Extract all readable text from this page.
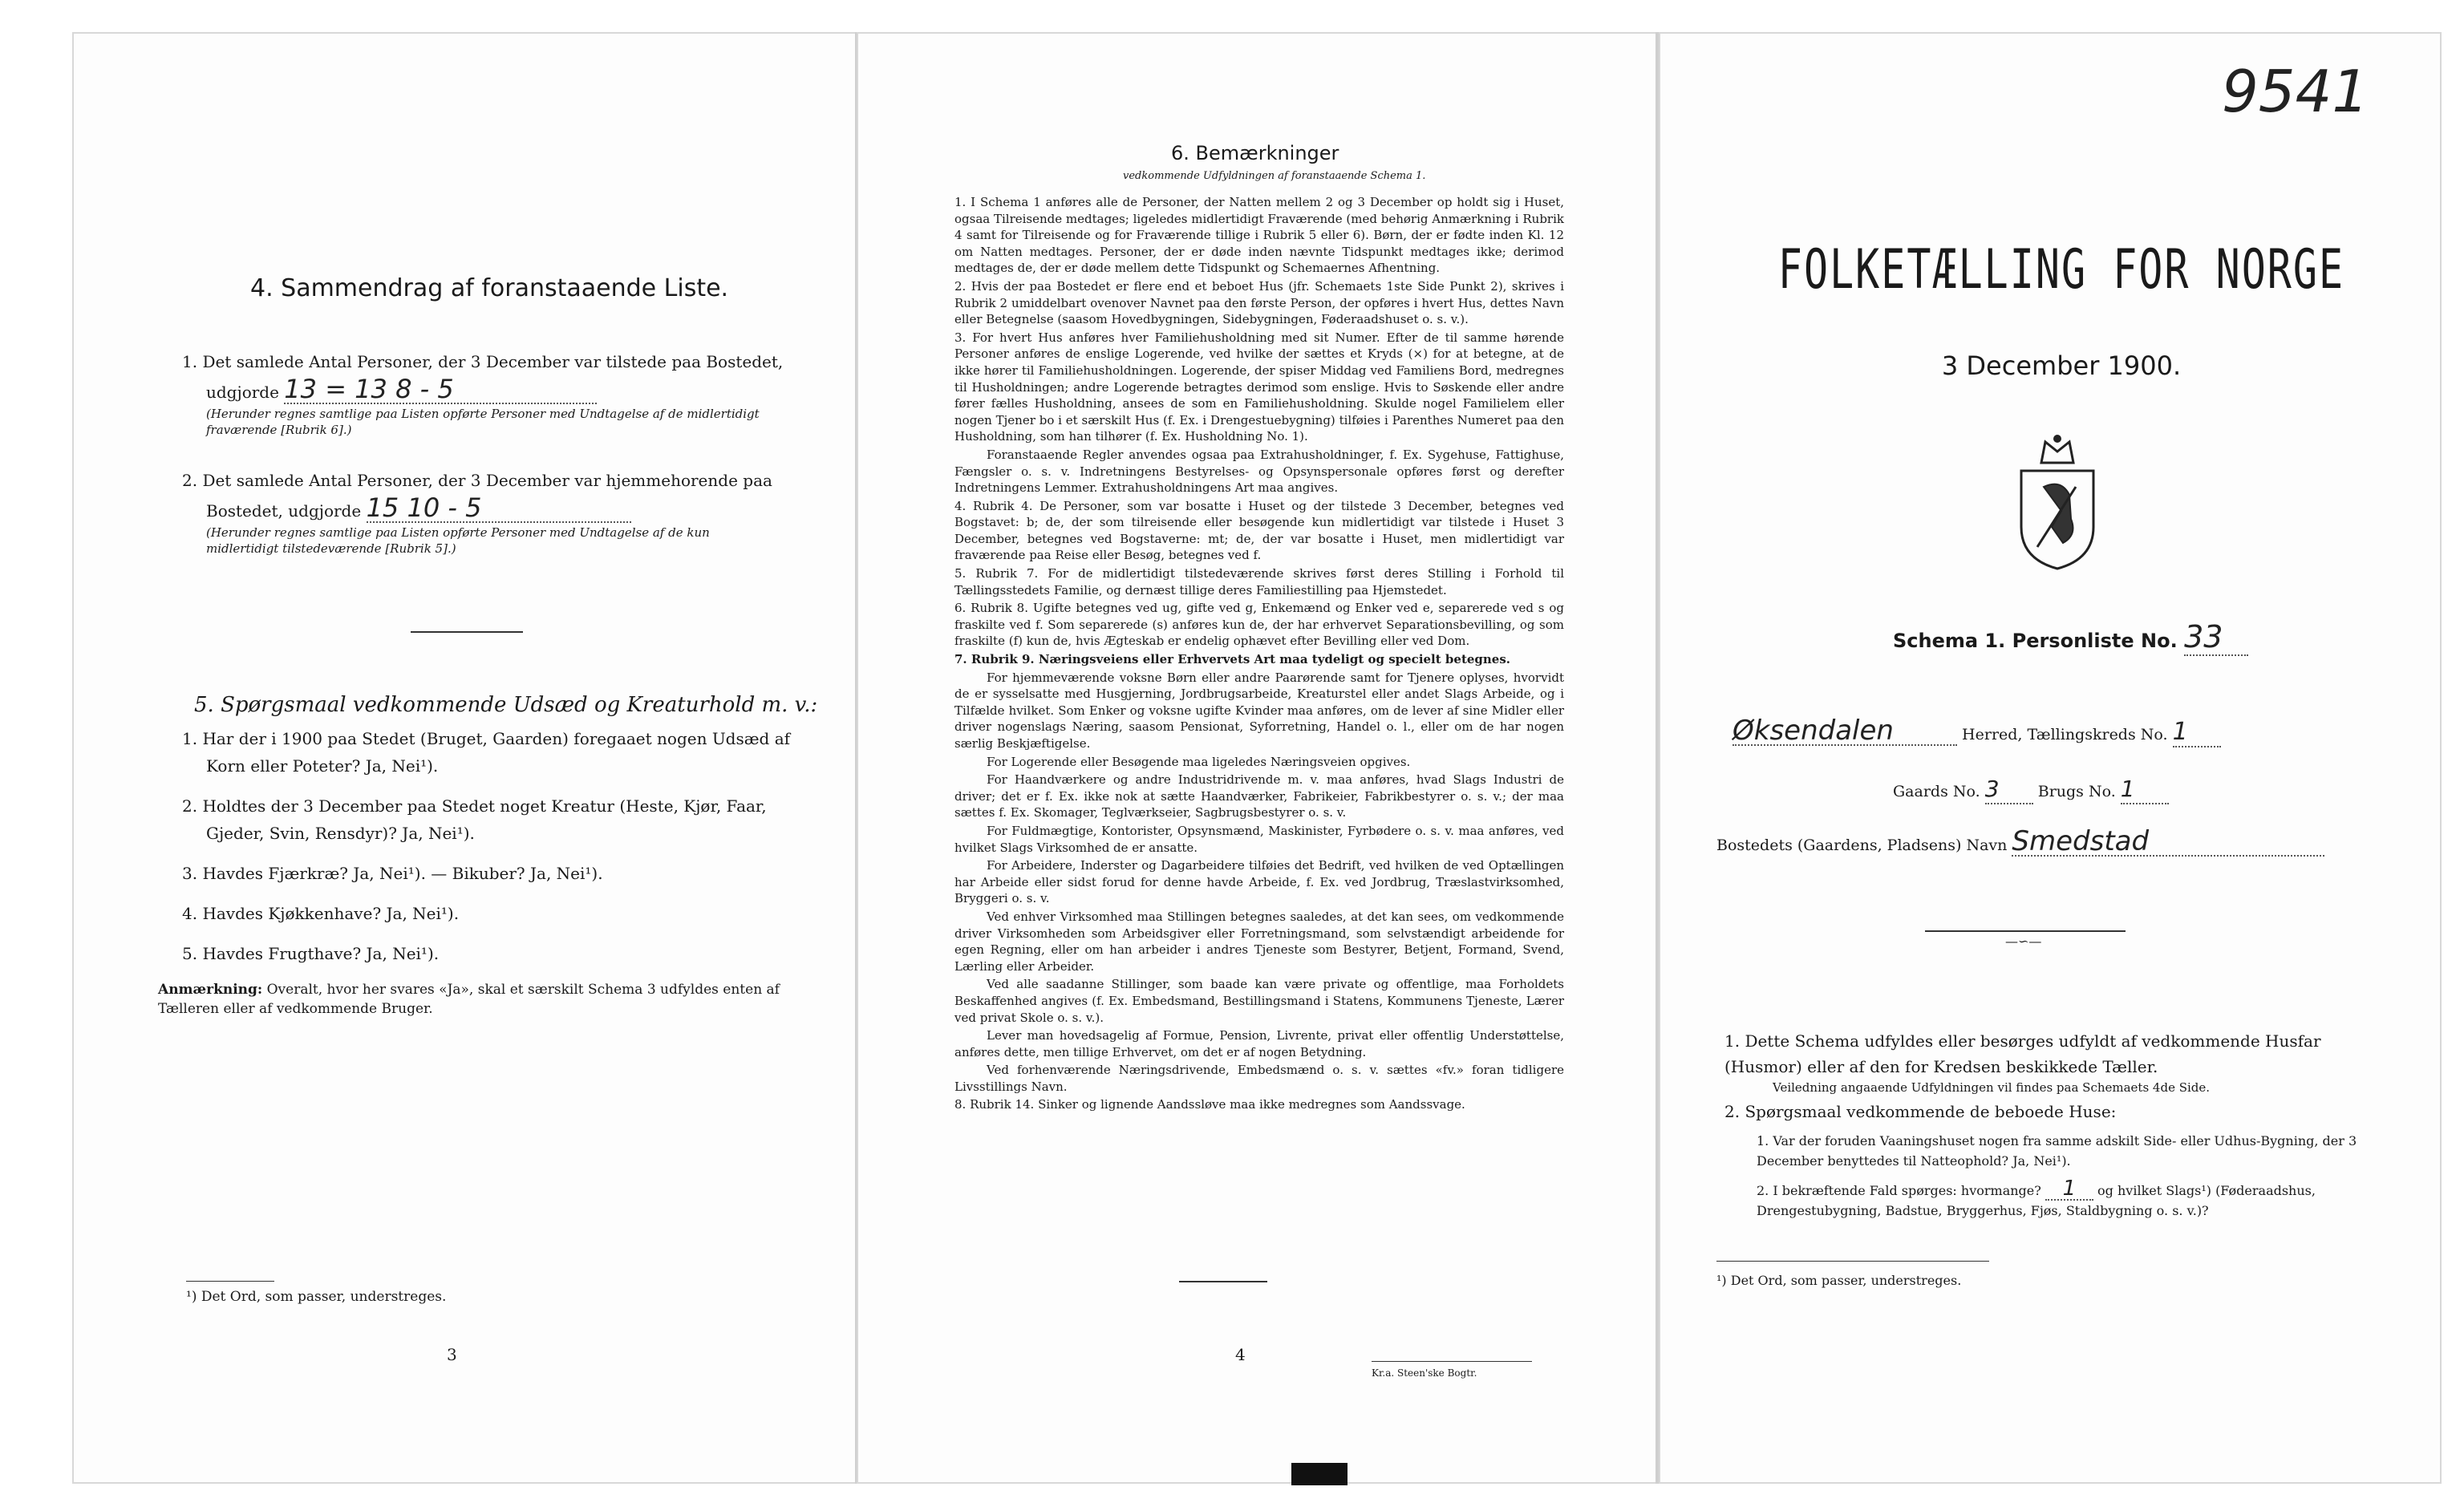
4. Sammendrag af foranstaaende Liste.
1. Det samlede Antal Personer, der 3 December var tilstede paa Bostedet,
udgjorde 13 = 13 8 - 5
(Herunder regnes samtlige paa Listen opførte Personer med Undtagelse af de midlertidigt fraværende [Rubrik 6].)
2. Det samlede Antal Personer, der 3 December var hjemmehorende paa
Bostedet, udgjorde 15 10 - 5
(Herunder regnes samtlige paa Listen opførte Personer med Undtagelse af de kun midlertidigt tilstedeværende [Rubrik 5].)
5. Spørgsmaal vedkommende Udsæd og Kreaturhold m. v.:
1. Har der i 1900 paa Stedet (Bruget, Gaarden) foregaaet nogen Udsæd af
Korn eller Poteter? Ja, Nei¹).
2. Holdtes der 3 December paa Stedet noget Kreatur (Heste, Kjør, Faar,
Gjeder, Svin, Rensdyr)? Ja, Nei¹).
3. Havdes Fjærkræ? Ja, Nei¹). — Bikuber? Ja, Nei¹).
4. Havdes Kjøkkenhave? Ja, Nei¹).
5. Havdes Frugthave? Ja, Nei¹).
Anmærkning: Overalt, hvor her svares «Ja», skal et særskilt Schema 3 udfyldes enten af Tælleren eller af vedkommende Bruger.
¹) Det Ord, som passer, understreges.
3
6. Bemærkninger
vedkommende Udfyldningen af foranstaaende Schema 1.

1. I Schema 1 anføres alle de Personer, der Natten mellem 2 og 3 December op holdt sig i Huset, ogsaa Tilreisende medtages; ligeledes midlertidigt Fraværende (med behørig Anmærkning i Rubrik 4 samt for Tilreisende og for Fraværende tillige i Rubrik 5 eller 6). Børn, der er fødte inden Kl. 12 om Natten medtages. Personer, der er døde inden nævnte Tidspunkt medtages ikke; derimod medtages de, der er døde mellem dette Tidspunkt og Schemaernes Afhentning.

2. Hvis der paa Bostedet er flere end et beboet Hus (jfr. Schemaets 1ste Side Punkt 2), skrives i Rubrik 2 umiddelbart ovenover Navnet paa den første Person, der opføres i hvert Hus, dettes Navn eller Betegnelse (saasom Hovedbygningen, Sidebygningen, Føderaadshuset o. s. v.).

3. For hvert Hus anføres hver Familiehusholdning med sit Numer. Efter de til samme hørende Personer anføres de enslige Logerende, ved hvilke der sættes et Kryds (×) for at betegne, at de ikke hører til Familiehusholdningen. Logerende, der spiser Middag ved Familiens Bord, medregnes til Husholdningen; andre Logerende betragtes derimod som enslige. Hvis to Søskende eller andre fører fælles Husholdning, ansees de som en Familiehusholdning. Skulde nogel Familielem eller nogen Tjener bo i et særskilt Hus (f. Ex. i Drengestuebygning) tilføies i Parenthes Numeret paa den Husholdning, som han tilhører (f. Ex. Husholdning No. 1).

Foranstaaende Regler anvendes ogsaa paa Extrahusholdninger, f. Ex. Sygehuse, Fattighuse, Fængsler o. s. v. Indretningens Bestyrelses- og Opsynspersonale opføres først og derefter Indretningens Lemmer. Extrahusholdningens Art maa angives.

4. Rubrik 4. De Personer, som var bosatte i Huset og der tilstede 3 December, betegnes ved Bogstavet: b; de, der som tilreisende eller besøgende kun midlertidigt var tilstede i Huset 3 December, betegnes ved Bogstaverne: mt; de, der var bosatte i Huset, men midlertidigt var fraværende paa Reise eller Besøg, betegnes ved f.

5. Rubrik 7. For de midlertidigt tilstedeværende skrives først deres Stilling i Forhold til Tællingsstedets Familie, og dernæst tillige deres Familiestilling paa Hjemstedet.

6. Rubrik 8. Ugifte betegnes ved ug, gifte ved g, Enkemænd og Enker ved e, separerede ved s og fraskilte ved f. Som separerede (s) anføres kun de, der har erhvervet Separationsbevilling, og som fraskilte (f) kun de, hvis Ægteskab er endelig ophævet efter Bevilling eller ved Dom.

7. Rubrik 9. Næringsveiens eller Erhvervets Art maa tydeligt og specielt betegnes.

For hjemmeværende voksne Børn eller andre Paarørende samt for Tjenere oplyses, hvorvidt de er sysselsatte med Husgjerning, Jordbrugsarbeide, Kreaturstel eller andet Slags Arbeide, og i Tilfælde hvilket. Som Enker og voksne ugifte Kvinder maa anføres, om de lever af sine Midler eller driver nogenslags Næring, saasom Pensionat, Syforretning, Handel o. l., eller om de har nogen særlig Beskjæftigelse.

For Logerende eller Besøgende maa ligeledes Næringsveien opgives.

For Haandværkere og andre Industridrivende m. v. maa anføres, hvad Slags Industri de driver; det er f. Ex. ikke nok at sætte Haandværker, Fabrikeier, Fabrikbestyrer o. s. v.; der maa sættes f. Ex. Skomager, Teglværkseier, Sagbrugsbestyrer o. s. v.

For Fuldmægtige, Kontorister, Opsynsmænd, Maskinister, Fyrbødere o. s. v. maa anføres, ved hvilket Slags Virksomhed de er ansatte.

For Arbeidere, Inderster og Dagarbeidere tilføies det Bedrift, ved hvilken de ved Optællingen har Arbeide eller sidst forud for denne havde Arbeide, f. Ex. ved Jordbrug, Træslastvirksomhed, Bryggeri o. s. v.

Ved enhver Virksomhed maa Stillingen betegnes saaledes, at det kan sees, om vedkommende driver Virksomheden som Arbeidsgiver eller Forretningsmand, som selvstændigt arbeidende for egen Regning, eller om han arbeider i andres Tjeneste som Bestyrer, Betjent, Formand, Svend, Lærling eller Arbeider.

Ved alle saadanne Stillinger, som baade kan være private og offentlige, maa Forholdets Beskaffenhed angives (f. Ex. Embedsmand, Bestillingsmand i Statens, Kommunens Tjeneste, Lærer ved privat Skole o. s. v.).

Lever man hovedsagelig af Formue, Pension, Livrente, privat eller offentlig Understøttelse, anføres dette, men tillige Erhvervet, om det er af nogen Betydning.

Ved forhenværende Næringsdrivende, Embedsmænd o. s. v. sættes «fv.» foran tidligere Livsstillings Navn.

8. Rubrik 14. Sinker og lignende Aandssløve maa ikke medregnes som Aandssvage.

4
Kr.a. Steen'ske Bogtr.
9541
FOLKETÆLLING FOR NORGE
3 December 1900.
Schema 1. Personliste No. 33
Øksendalen	Herred, Tællingskreds No. 1
Gaards No. 3	Brugs No. 1
Bostedets (Gaardens, Pladsens) Navn Smedstad
—∽—
1. Dette Schema udfyldes eller besørges udfyldt af vedkommende Husfar (Husmor) eller af den for Kredsen beskikkede Tæller.
Veiledning angaaende Udfyldningen vil findes paa Schemaets 4de Side.
2. Spørgsmaal vedkommende de beboede Huse:
1. Var der foruden Vaaningshuset nogen fra samme adskilt Side- eller Udhus-Bygning, der 3 December benyttedes til Natteophold? Ja, Nei¹).
2. I bekræftende Fald spørges: hvormange? 1 og hvilket Slags¹) (Føderaadshus, Drengestubygning, Badstue, Bryggerhus, Fjøs, Staldbygning o. s. v.)?
¹) Det Ord, som passer, understreges.
